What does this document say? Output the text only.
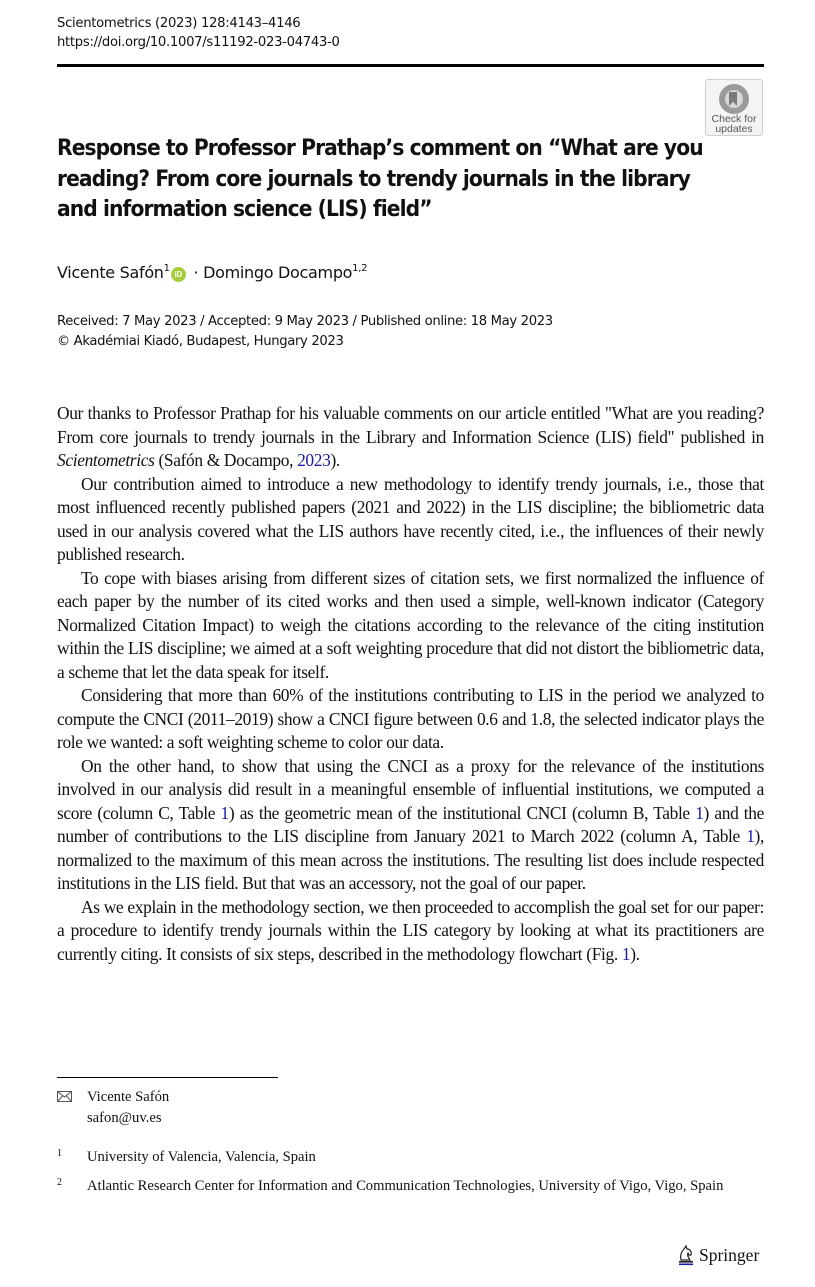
Scientometrics (2023) 128:4143–4146
https://doi.org/10.1007/s11192-023-04743-0
Check for
updates
Response to Professor Prathap’s comment on “What are you reading? From core journals to trendy journals in the library and information science (LIS) field”
Vicente Safón$^1$iD · Domingo Docampo$^{1,2}$
Received: 7 May 2023 / Accepted: 9 May 2023 / Published online: 18 May 2023
© Akadémiai Kiadó, Budapest, Hungary 2023

Our thanks to Professor Prathap for his valuable comments on our article entitled "What are you reading? From core journals to trendy journals in the Library and Information Science (LIS) field" published in Scientometrics (Safón & Docampo, 2023).

Our contribution aimed to introduce a new methodology to identify trendy journals, i.e., those that most influenced recently published papers (2021 and 2022) in the LIS discipline; the bibliometric data used in our analysis covered what the LIS authors have recently cited, i.e., the influences of their newly published research.

To cope with biases arising from different sizes of citation sets, we first normalized the influence of each paper by the number of its cited works and then used a simple, well-known indicator (Category Normalized Citation Impact) to weigh the citations according to the relevance of the citing institution within the LIS discipline; we aimed at a soft weighting procedure that did not distort the bibliometric data, a scheme that let the data speak for itself.

Considering that more than 60% of the institutions contributing to LIS in the period we analyzed to compute the CNCI (2011–2019) show a CNCI figure between 0.6 and 1.8, the selected indicator plays the role we wanted: a soft weighting scheme to color our data.

On the other hand, to show that using the CNCI as a proxy for the relevance of the institutions involved in our analysis did result in a meaningful ensemble of influential institutions, we computed a score (column C, Table 1) as the geometric mean of the institutional CNCI (column B, Table 1) and the number of contributions to the LIS discipline from January 2021 to March 2022 (column A, Table 1), normalized to the maximum of this mean across the institutions. The resulting list does include respected institutions in the LIS field. But that was an accessory, not the goal of our paper.

As we explain in the methodology section, we then proceeded to accomplish the goal set for our paper: a procedure to identify trendy journals within the LIS category by looking at what its practitioners are currently citing. It consists of six steps, described in the methodology flowchart (Fig. 1).

Vicente Safón
safon@uv.es
1 University of Valencia, Valencia, Spain
2 Atlantic Research Center for Information and Communication Technologies, University of Vigo, Vigo, Spain
Springer
